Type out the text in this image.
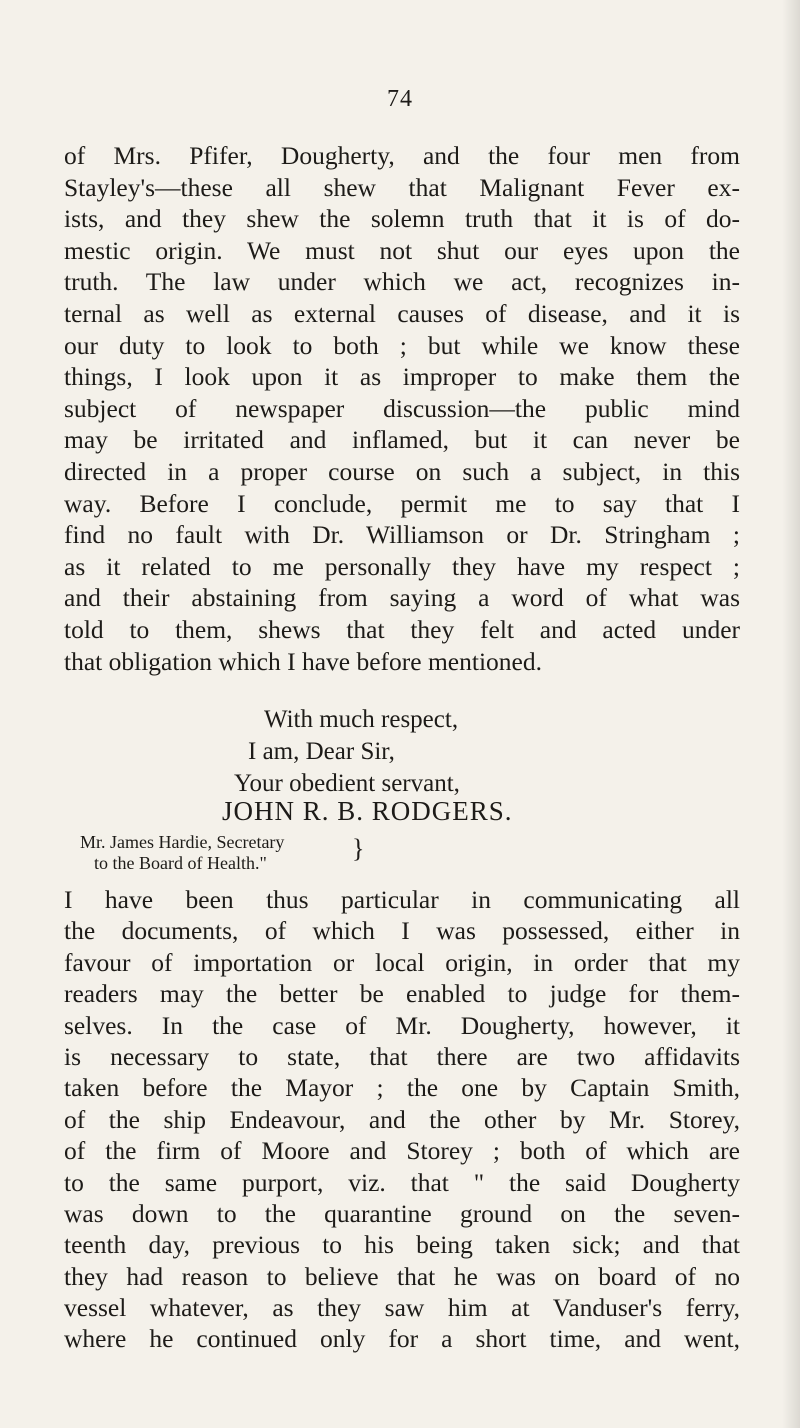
74
of Mrs. Pfifer, Dougherty, and the four men from
Stayley's—these all shew that Malignant Fever ex-
ists, and they shew the solemn truth that it is of do-
mestic origin. We must not shut our eyes upon the
truth. The law under which we act, recognizes in-
ternal as well as external causes of disease, and it is
our duty to look to both ; but while we know these
things, I look upon it as improper to make them the
subject of newspaper discussion—the public mind
may be irritated and inflamed, but it can never be
directed in a proper course on such a subject, in this
way. Before I conclude, permit me to say that I
find no fault with Dr. Williamson or Dr. Stringham ;
as it related to me personally they have my respect ;
and their abstaining from saying a word of what was
told to them, shews that they felt and acted under
that obligation which I have before mentioned.
With much respect,
I am, Dear Sir,
Your obedient servant,
JOHN R. B. RODGERS.
Mr. James Hardie, Secretary
to the Board of Health."	}
I have been thus particular in communicating all
the documents, of which I was possessed, either in
favour of importation or local origin, in order that my
readers may the better be enabled to judge for them-
selves. In the case of Mr. Dougherty, however, it
is necessary to state, that there are two affidavits
taken before the Mayor ; the one by Captain Smith,
of the ship Endeavour, and the other by Mr. Storey,
of the firm of Moore and Storey ; both of which are
to the same purport, viz. that " the said Dougherty
was down to the quarantine ground on the seven-
teenth day, previous to his being taken sick; and that
they had reason to believe that he was on board of no
vessel whatever, as they saw him at Vanduser's ferry,
where he continued only for a short time, and went,
